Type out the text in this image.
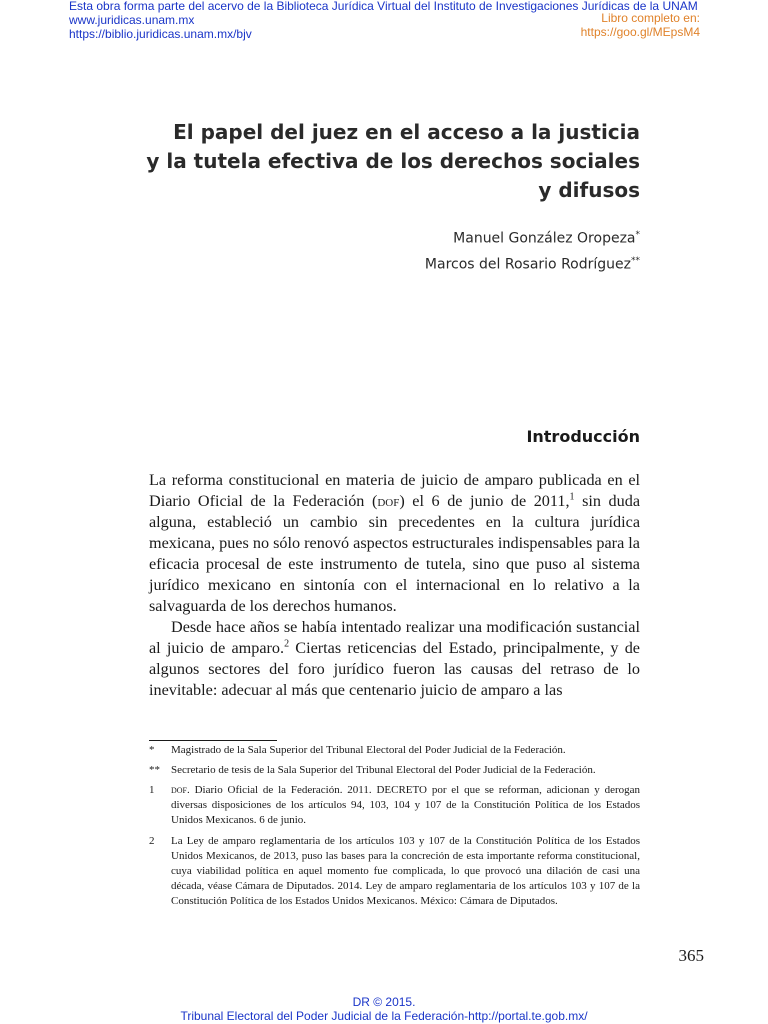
Esta obra forma parte del acervo de la Biblioteca Jurídica Virtual del Instituto de Investigaciones Jurídicas de la UNAM
www.juridicas.unam.mx
https://biblio.juridicas.unam.mx/bjv
Libro completo en:
https://goo.gl/MEpsM4
El papel del juez en el acceso a la justicia
y la tutela efectiva de los derechos sociales
y difusos
Manuel González Oropeza*
Marcos del Rosario Rodríguez**
Introducción

La reforma constitucional en materia de juicio de amparo publicada en el Diario Oficial de la Federación (dof) el 6 de junio de 2011,$^1$ sin duda alguna, estableció un cambio sin precedentes en la cultura jurídica mexicana, pues no sólo renovó aspectos estructurales indispensables para la eficacia procesal de este instrumento de tutela, sino que puso al sistema jurídico mexicano en sintonía con el internacional en lo relativo a la salvaguarda de los derechos humanos.

Desde hace años se había intentado realizar una modificación sustancial al juicio de amparo.$^2$ Ciertas reticencias del Estado, principalmente, y de algunos sectores del foro jurídico fueron las causas del retraso de lo inevitable: adecuar al más que centenario juicio de amparo a las

* Magistrado de la Sala Superior del Tribunal Electoral del Poder Judicial de la Federación.
** Secretario de tesis de la Sala Superior del Tribunal Electoral del Poder Judicial de la Federación.
1 dof. Diario Oficial de la Federación. 2011. DECRETO por el que se reforman, adicionan y derogan diversas disposiciones de los artículos 94, 103, 104 y 107 de la Constitución Política de los Estados Unidos Mexicanos. 6 de junio.
2 La Ley de amparo reglamentaria de los artículos 103 y 107 de la Constitución Política de los Estados Unidos Mexicanos, de 2013, puso las bases para la concreción de esta importante reforma constitucional, cuya viabilidad política en aquel momento fue complicada, lo que provocó una dilación de casi una década, véase Cámara de Diputados. 2014. Ley de amparo reglamentaria de los artículos 103 y 107 de la Constitución Política de los Estados Unidos Mexicanos. México: Cámara de Diputados.
365
DR © 2015.
Tribunal Electoral del Poder Judicial de la Federación-http://portal.te.gob.mx/
